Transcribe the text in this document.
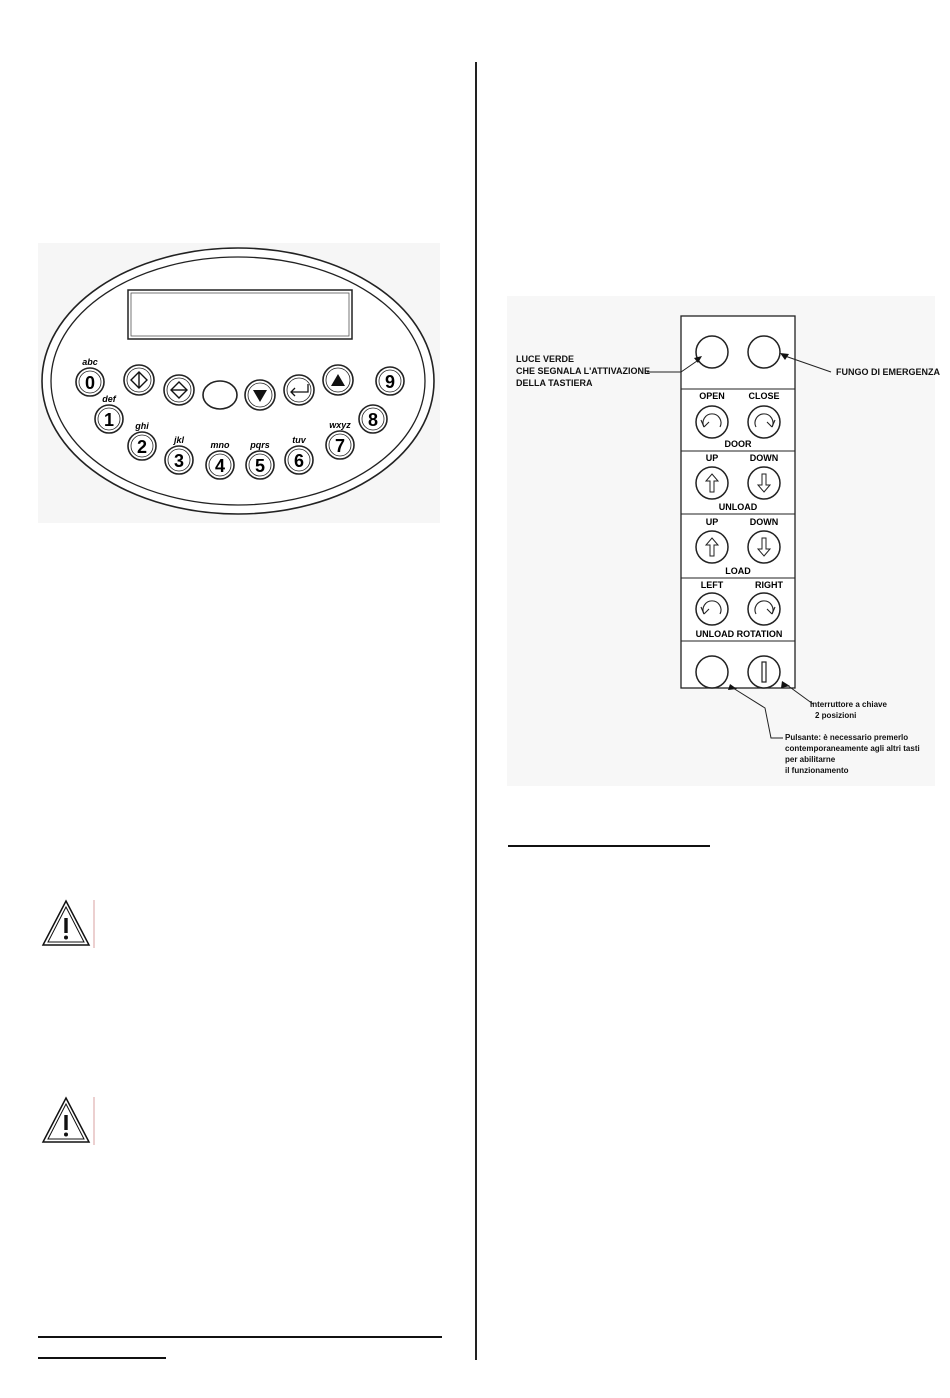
0
abc
1
def
2
ghi
3
jkl
4
mno
5
pqrs
6
tuv 7
wxyz 8
9
LUCE VERDE
CHE SEGNALA L'ATTIVAZIONE
DELLA TASTIERA
FUNGO DI EMERGENZA
OPEN	CLOSE
DOOR
UP	DOWN
UNLOAD
UP	DOWN
LOAD
LEFT	RIGHT
UNLOAD ROTATION
Interruttore a chiave
2 posizioni
Pulsante: è necessario premerlo
contemporaneamente agli altri tasti
per abilitarne
il funzionamento
